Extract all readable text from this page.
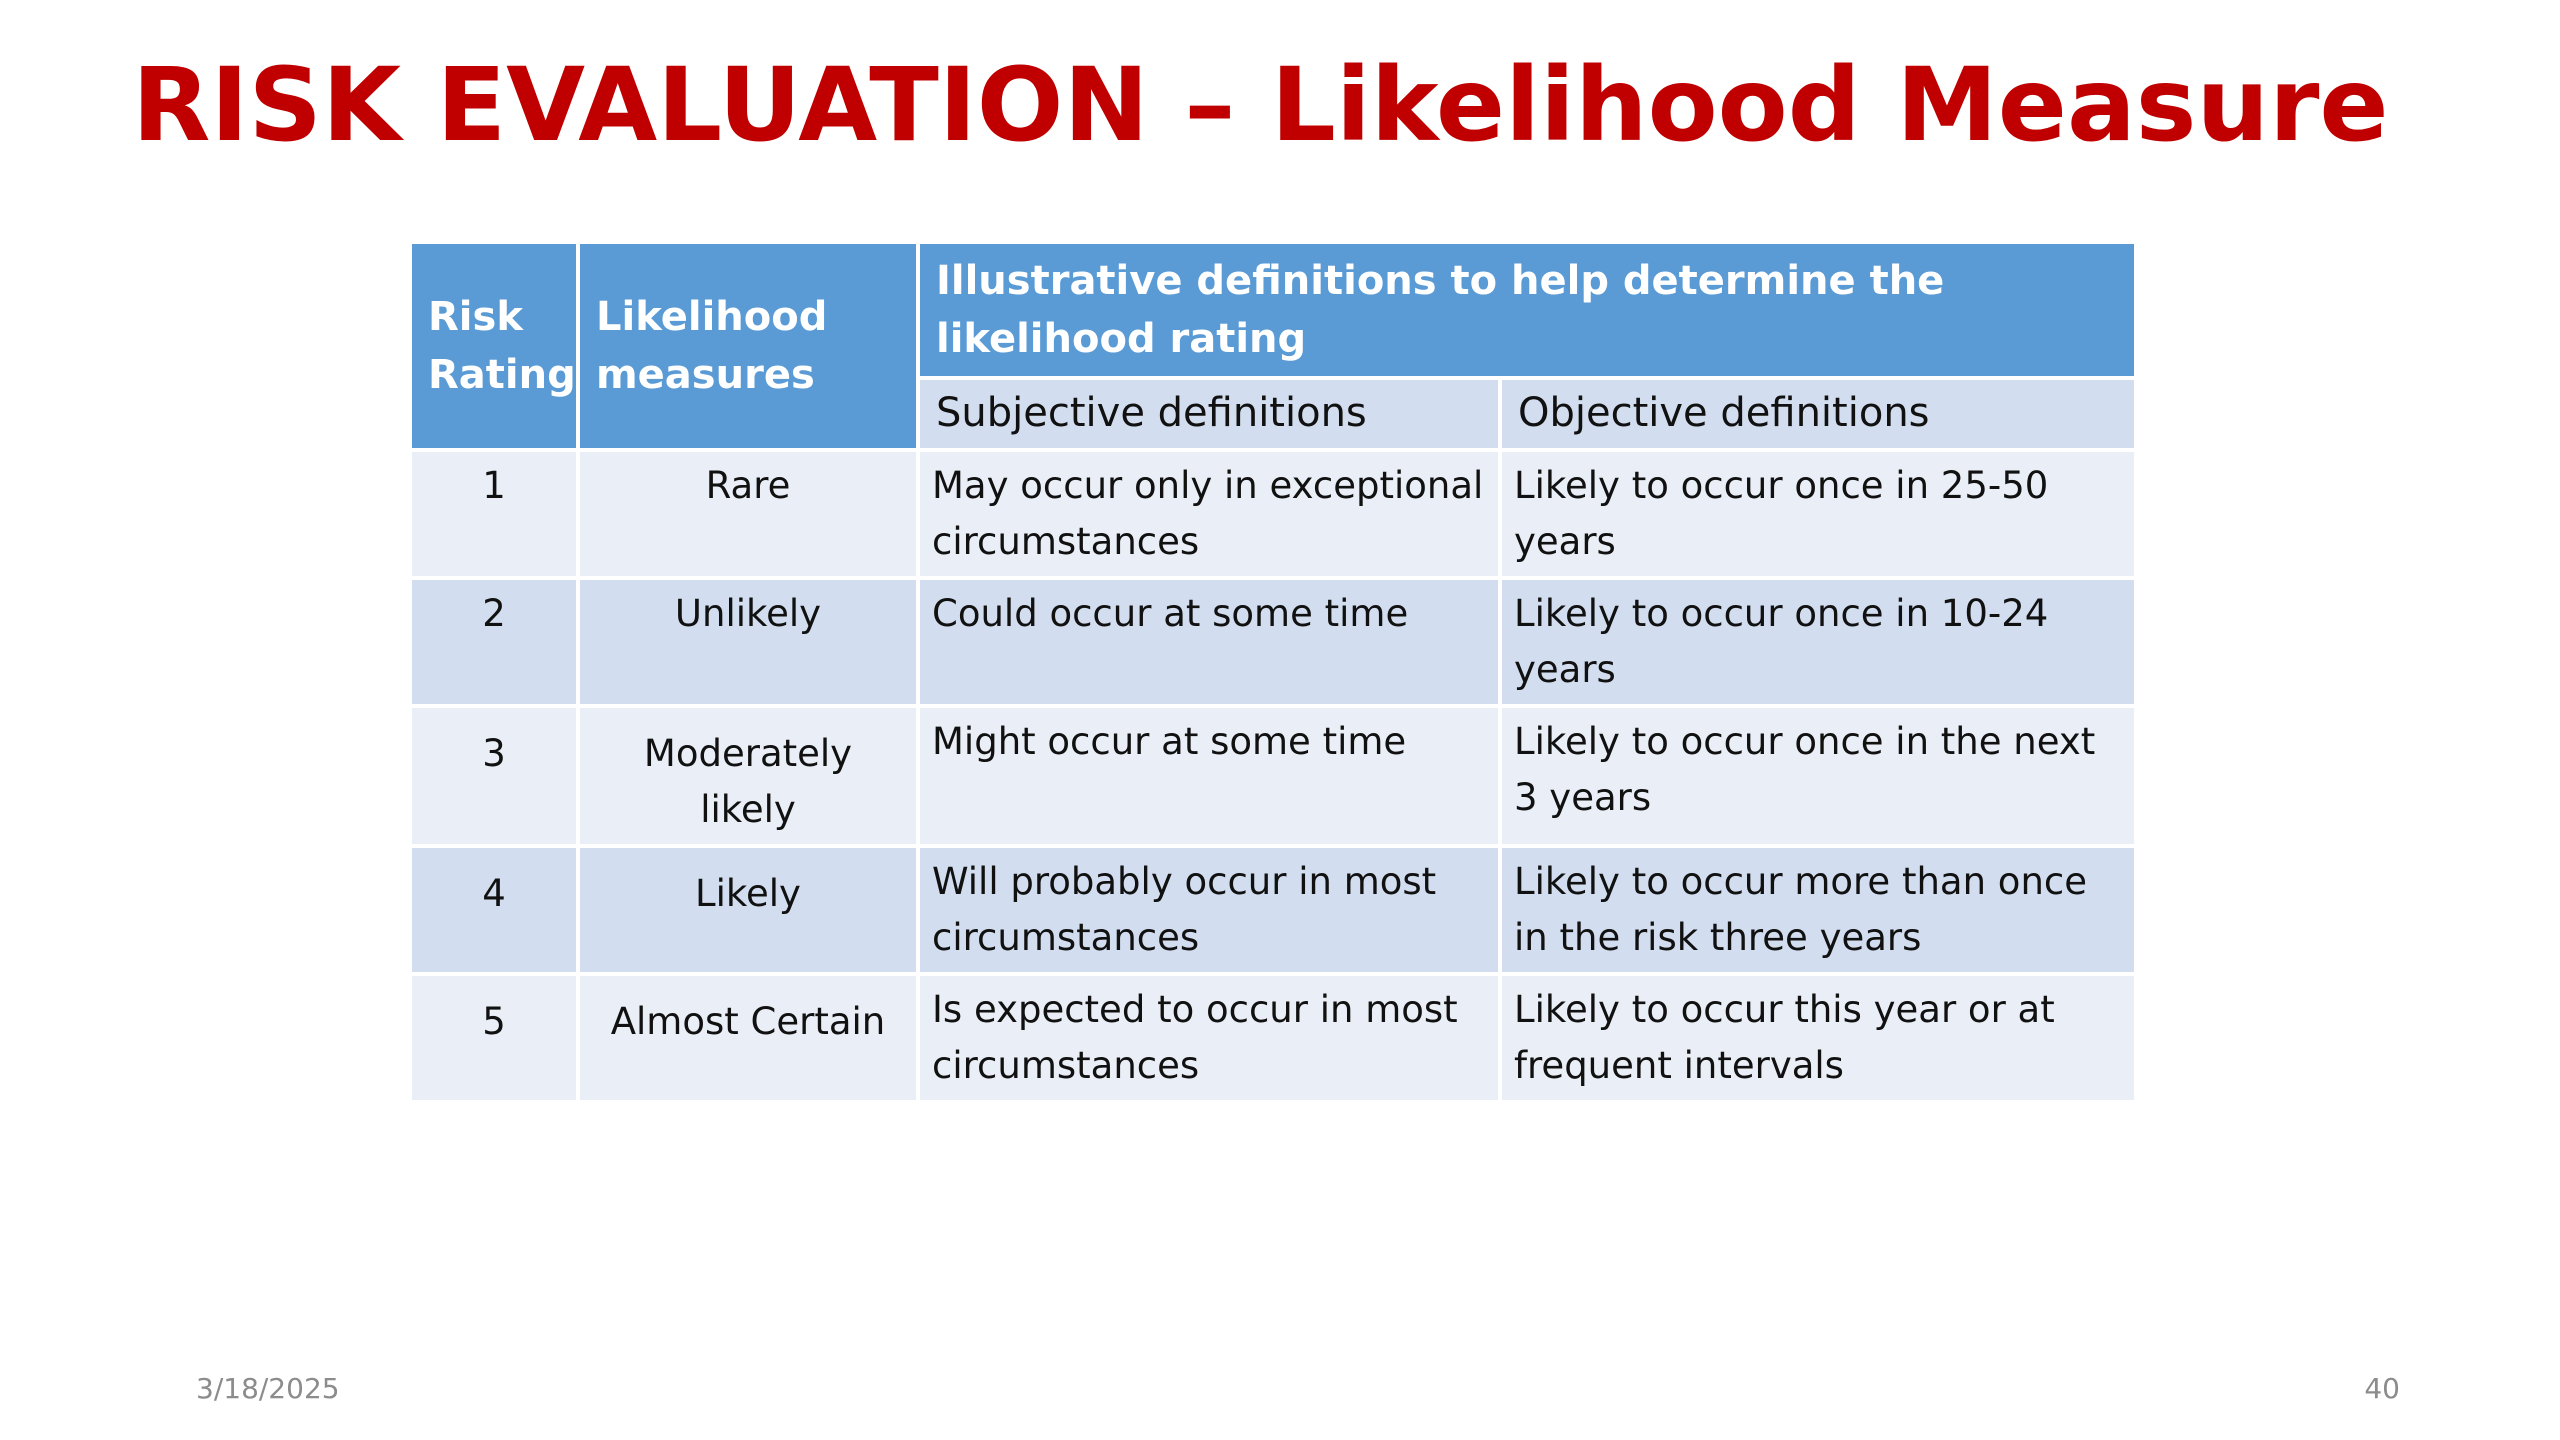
RISK EVALUATION – Likelihood Measure
Risk Rating	Likelihood measures	Illustrative definitions to help determine the likelihood rating	
		Subjective definitions	Objective definitions
1	Rare	May occur only in exceptional circumstances	Likely to occur once in 25-50 years
2	Unlikely	Could occur at some time	Likely to occur once in 10-24 years
3	Moderately likely	Might occur at some time	Likely to occur once in the next 3 years
4	Likely	Will probably occur in most circumstances	Likely to occur more than once in the risk three years
5	Almost Certain	Is expected to occur in most circumstances	Likely to occur this year or at frequent intervals
3/18/2025	40
